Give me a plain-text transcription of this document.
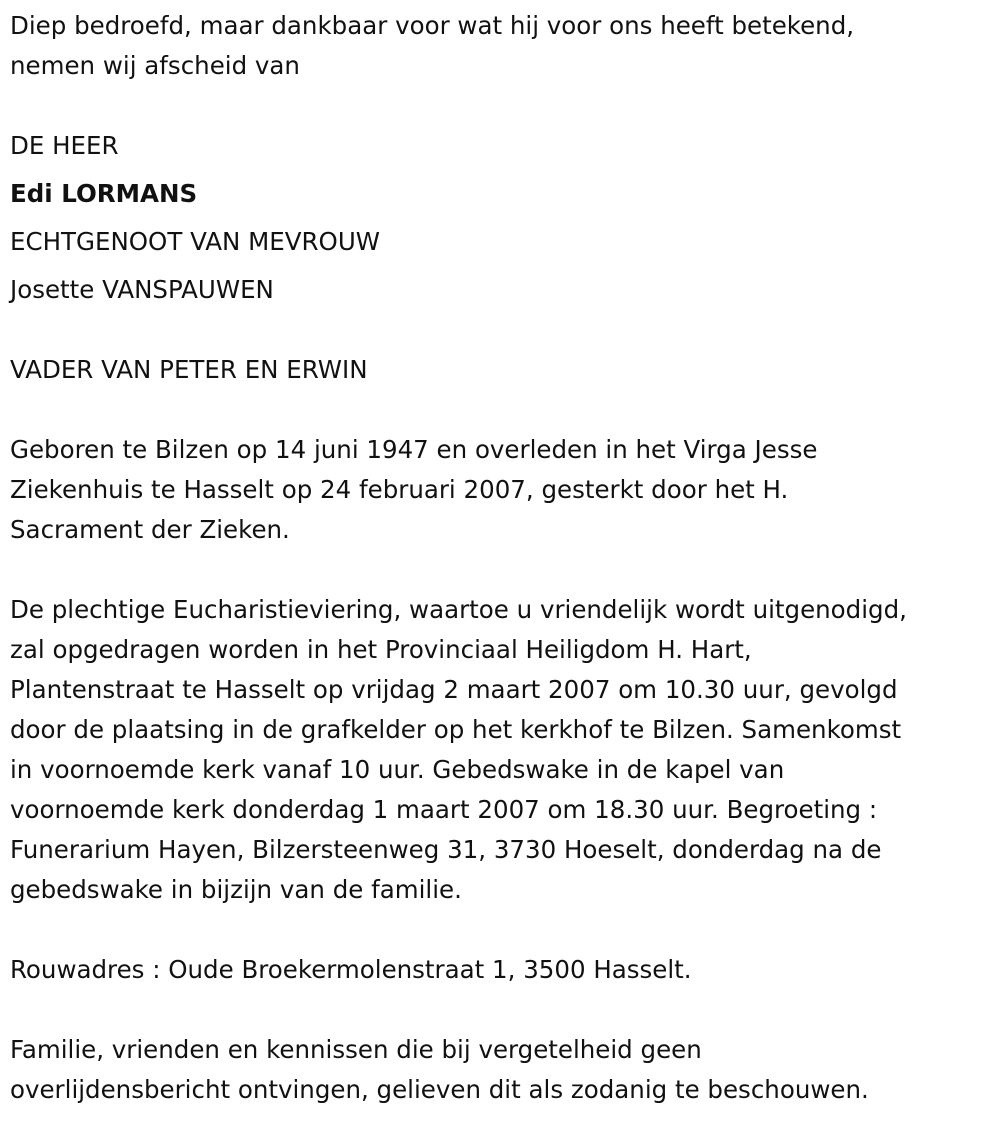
Diep bedroefd, maar dankbaar voor wat hij voor ons heeft betekend,
nemen wij afscheid van
DE HEER
Edi LORMANS
ECHTGENOOT VAN MEVROUW
Josette VANSPAUWEN
VADER VAN PETER EN ERWIN
Geboren te Bilzen op 14 juni 1947 en overleden in het Virga Jesse
Ziekenhuis te Hasselt op 24 februari 2007, gesterkt door het H.
Sacrament der Zieken.
De plechtige Eucharistieviering, waartoe u vriendelijk wordt uitgenodigd,
zal opgedragen worden in het Provinciaal Heiligdom H. Hart,
Plantenstraat te Hasselt op vrijdag 2 maart 2007 om 10.30 uur, gevolgd
door de plaatsing in de grafkelder op het kerkhof te Bilzen. Samenkomst
in voornoemde kerk vanaf 10 uur. Gebedswake in de kapel van
voornoemde kerk donderdag 1 maart 2007 om 18.30 uur. Begroeting :
Funerarium Hayen, Bilzersteenweg 31, 3730 Hoeselt, donderdag na de
gebedswake in bijzijn van de familie.
Rouwadres : Oude Broekermolenstraat 1, 3500 Hasselt.
Familie, vrienden en kennissen die bij vergetelheid geen
overlijdensbericht ontvingen, gelieven dit als zodanig te beschouwen.
